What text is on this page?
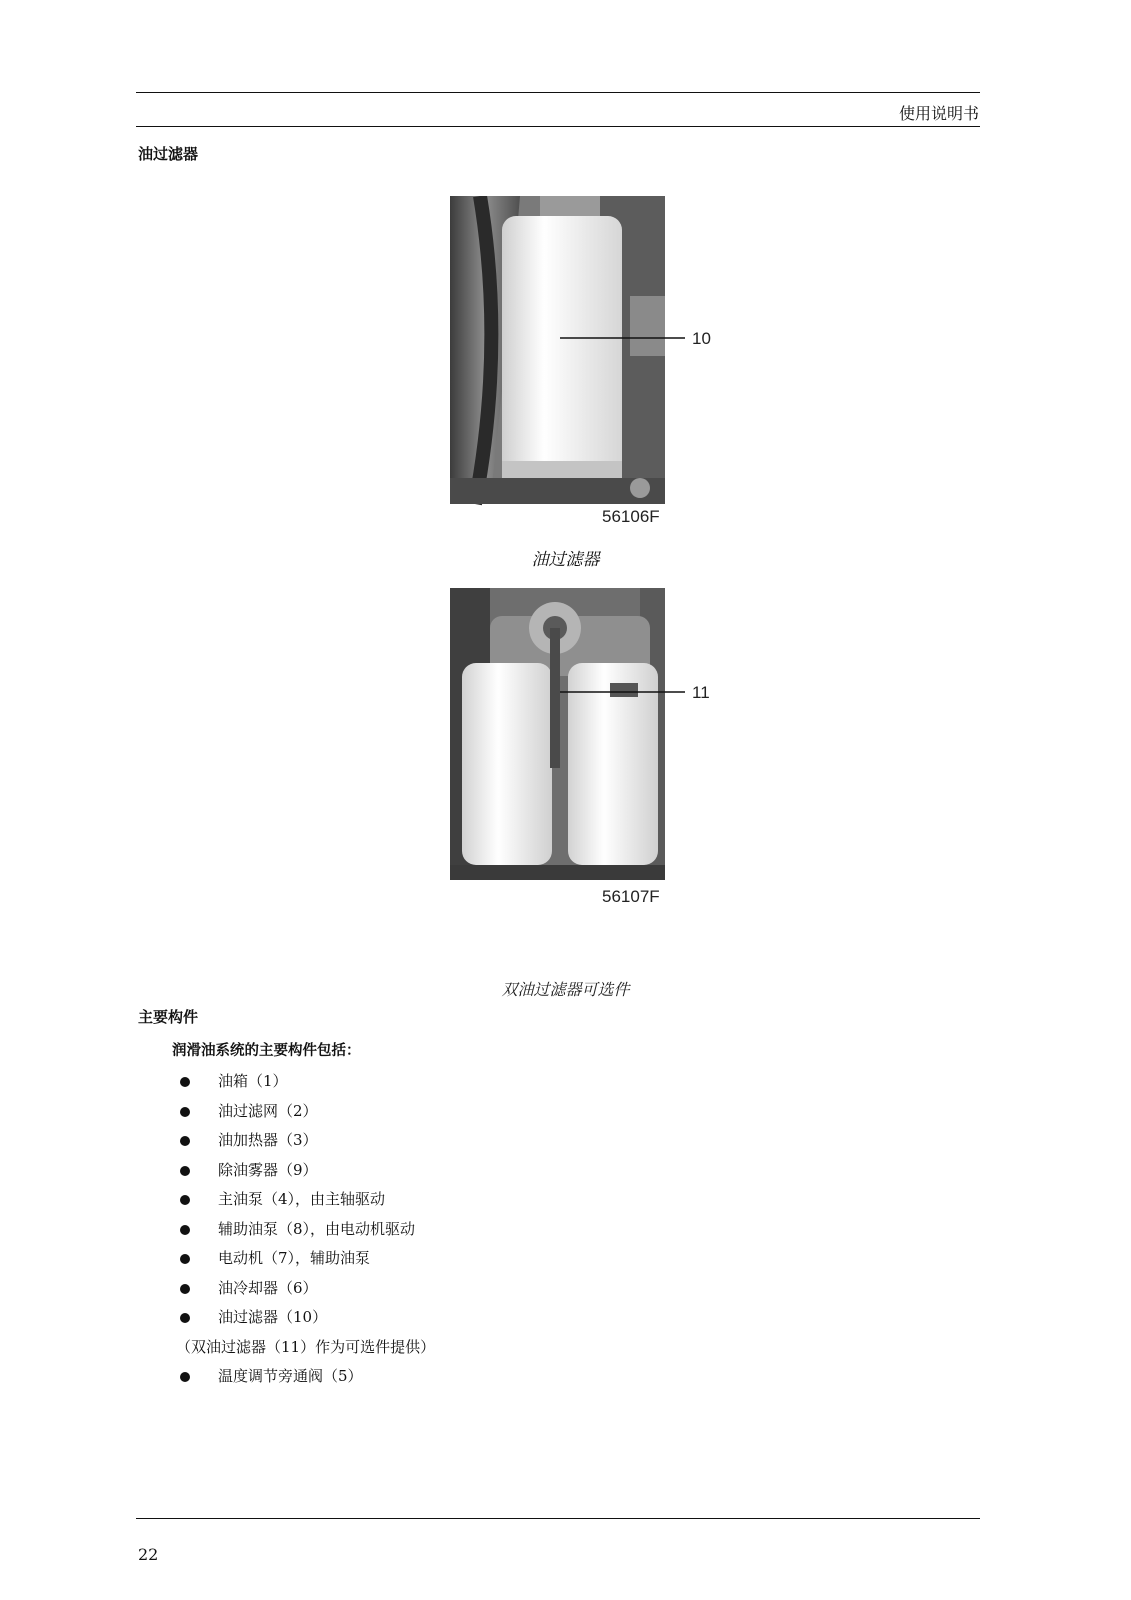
使用说明书
油过滤器
10
56106F
油过滤器
11
56107F
双油过滤器可选件
主要构件
润滑油系统的主要构件包括：
油箱（1）
油过滤网（2）
油加热器（3）
除油雾器（9）
主油泵（4），由主轴驱动
辅助油泵（8），由电动机驱动
电动机（7），辅助油泵
油冷却器（6）
油过滤器（10）
（双油过滤器（11）作为可选件提供）
温度调节旁通阀（5）
22
